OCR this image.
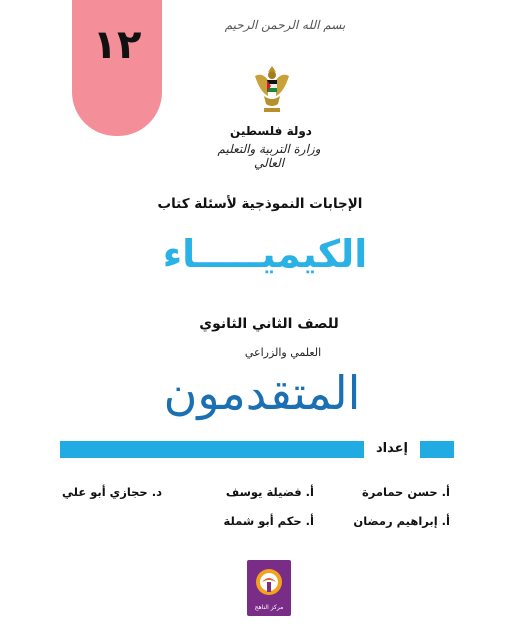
١٢	بسم الله الرحمن الرحيم
دولة فلسطين
وزارة التربية والتعليم العالي
الإجابات النموذجية لأسئلة كتاب
الكيميـــــاء
للصف الثاني الثانوي
العلمي والزراعي
المتقدمون
إعداد
أ. حسن حمامرة
أ. فضيلة يوسف
د. حجازي أبو علي
أ. إبراهيم رمضان
أ. حكم أبو شملة
مركز الناهج
